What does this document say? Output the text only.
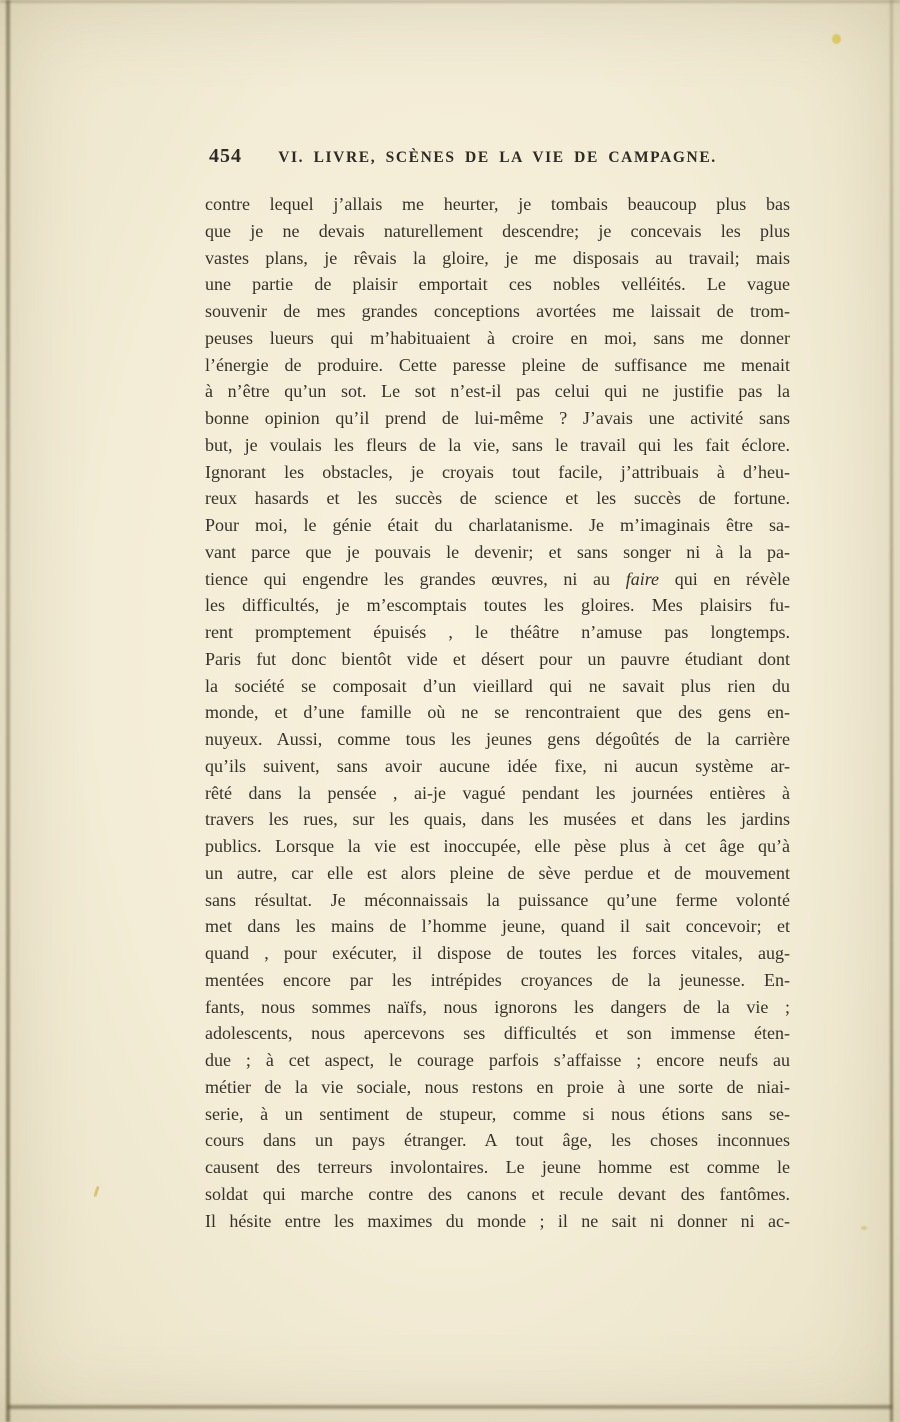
454	VI. LIVRE, SCÈNES DE LA VIE DE CAMPAGNE.
contre lequel j’allais me heurter, je tombais beaucoup plus bas
que je ne devais naturellement descendre; je concevais les plus
vastes plans, je rêvais la gloire, je me disposais au travail; mais
une partie de plaisir emportait ces nobles velléités. Le vague
souvenir de mes grandes conceptions avortées me laissait de trom-
peuses lueurs qui m’habituaient à croire en moi, sans me donner
l’énergie de produire. Cette paresse pleine de suffisance me menait
à n’être qu’un sot. Le sot n’est-il pas celui qui ne justifie pas la
bonne opinion qu’il prend de lui-même ? J’avais une activité sans
but, je voulais les fleurs de la vie, sans le travail qui les fait éclore.
Ignorant les obstacles, je croyais tout facile, j’attribuais à d’heu-
reux hasards et les succès de science et les succès de fortune.
Pour moi, le génie était du charlatanisme. Je m’imaginais être sa-
vant parce que je pouvais le devenir; et sans songer ni à la pa-
tience qui engendre les grandes œuvres, ni au faire qui en révèle
les difficultés, je m’escomptais toutes les gloires. Mes plaisirs fu-
rent promptement épuisés , le théâtre n’amuse pas longtemps.
Paris fut donc bientôt vide et désert pour un pauvre étudiant dont
la société se composait d’un vieillard qui ne savait plus rien du
monde, et d’une famille où ne se rencontraient que des gens en-
nuyeux. Aussi, comme tous les jeunes gens dégoûtés de la carrière
qu’ils suivent, sans avoir aucune idée fixe, ni aucun système ar-
rêté dans la pensée , ai-je vagué pendant les journées entières à
travers les rues, sur les quais, dans les musées et dans les jardins
publics. Lorsque la vie est inoccupée, elle pèse plus à cet âge qu’à
un autre, car elle est alors pleine de sève perdue et de mouvement
sans résultat. Je méconnaissais la puissance qu’une ferme volonté
met dans les mains de l’homme jeune, quand il sait concevoir; et
quand , pour exécuter, il dispose de toutes les forces vitales, aug-
mentées encore par les intrépides croyances de la jeunesse. En-
fants, nous sommes naïfs, nous ignorons les dangers de la vie ;
adolescents, nous apercevons ses difficultés et son immense éten-
due ; à cet aspect, le courage parfois s’affaisse ; encore neufs au
métier de la vie sociale, nous restons en proie à une sorte de niai-
serie, à un sentiment de stupeur, comme si nous étions sans se-
cours dans un pays étranger. A tout âge, les choses inconnues
causent des terreurs involontaires. Le jeune homme est comme le
soldat qui marche contre des canons et recule devant des fantômes.
Il hésite entre les maximes du monde ; il ne sait ni donner ni ac-
